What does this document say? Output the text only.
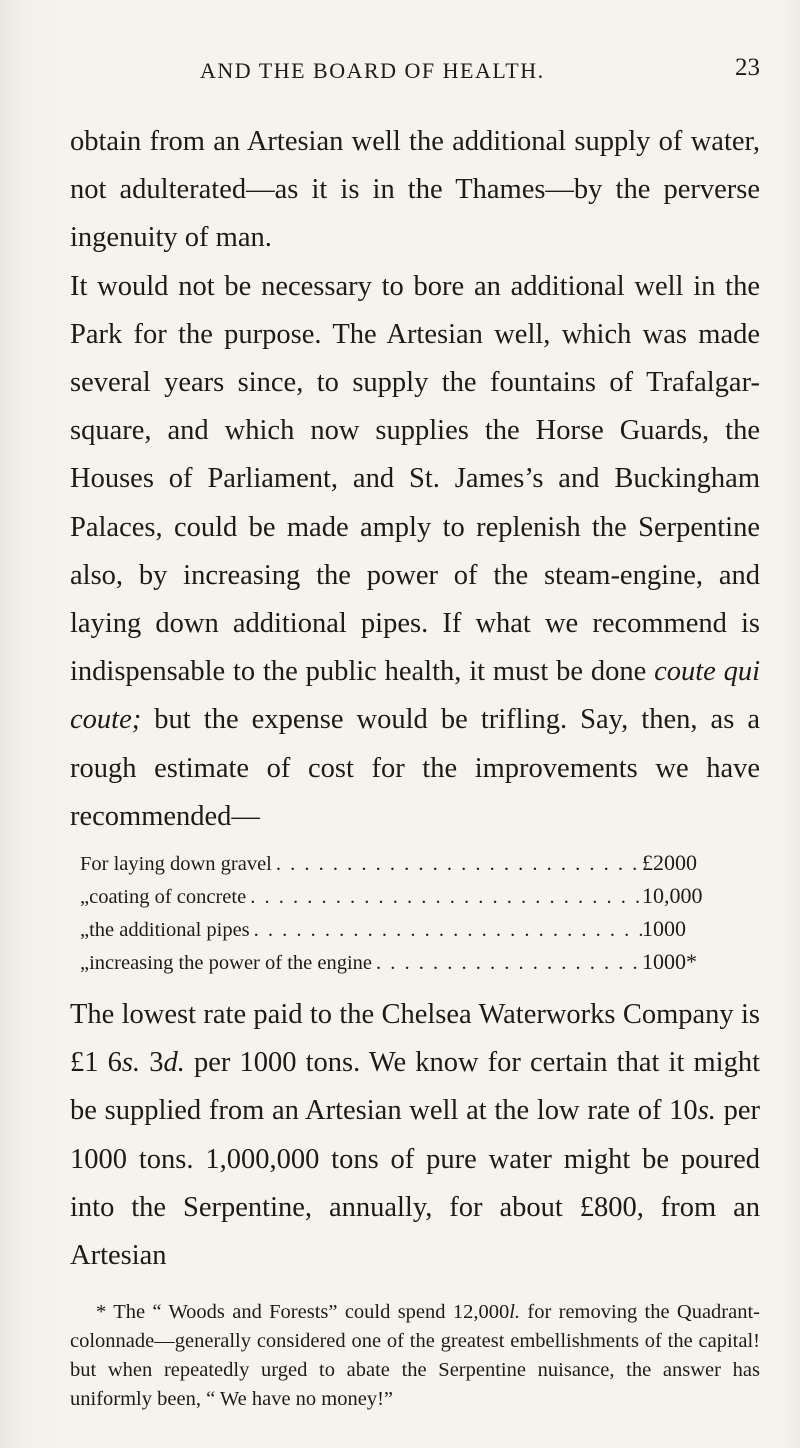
AND THE BOARD OF HEALTH.	23

obtain from an Artesian well the additional supply of water, not adulterated—as it is in the Thames—by the perverse ingenuity of man.

It would not be necessary to bore an additional well in the Park for the purpose. The Artesian well, which was made several years since, to supply the fountains of Trafalgar-square, and which now supplies the Horse Guards, the Houses of Parliament, and St. James’s and Buckingham Palaces, could be made amply to replenish the Serpentine also, by increasing the power of the steam-engine, and laying down additional pipes. If what we recommend is indispensable to the public health, it must be done coute qui coute; but the expense would be trifling. Say, then, as a rough estimate of cost for the improvements we have recommended—

For laying down gravel . . .	£2000
„ coating of concrete . . .	10,000
„ the additional pipes . . .	1000
„ increasing the power of the engine . . .	1000*

The lowest rate paid to the Chelsea Waterworks Company is £1 6s. 3d. per 1000 tons. We know for certain that it might be supplied from an Artesian well at the low rate of 10s. per 1000 tons. 1,000,000 tons of pure water might be poured into the Serpentine, annually, for about £800, from an Artesian

* The “ Woods and Forests” could spend 12,000l. for removing the Quadrant-colonnade—generally considered one of the greatest embellishments of the capital! but when repeatedly urged to abate the Serpentine nuisance, the answer has uniformly been, “ We have no money!”
